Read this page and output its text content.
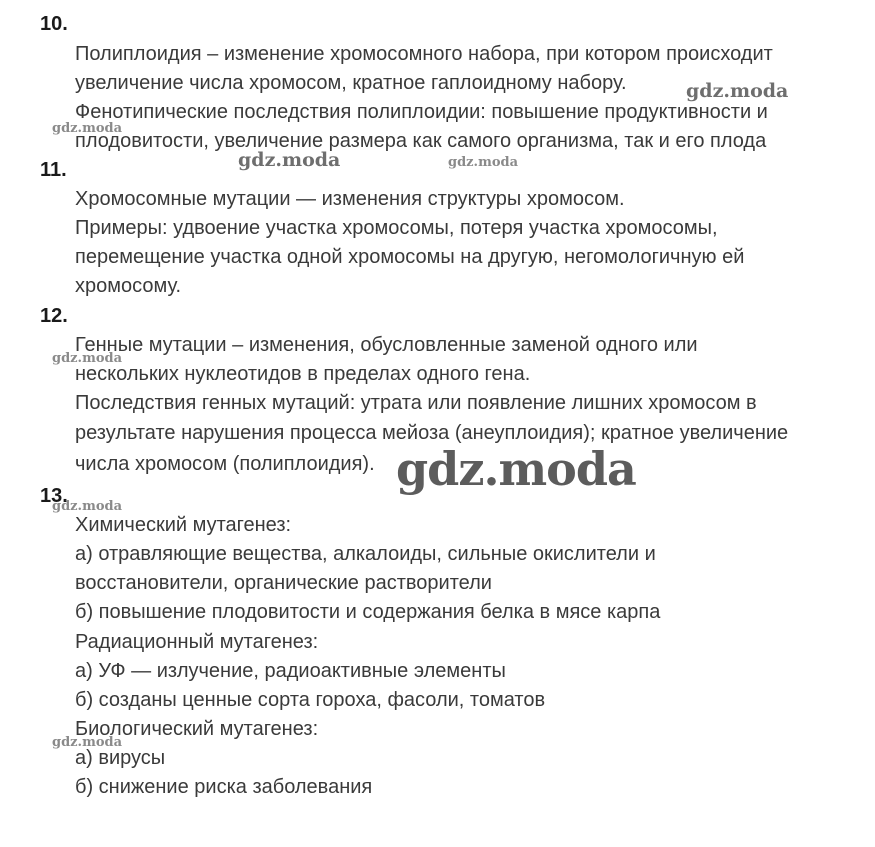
10.
Полиплоидия – изменение хромосомного набора, при котором происходит
увеличение числа хромосом, кратное гаплоидному набору.
Фенотипические последствия полиплоидии: повышение продуктивности и
плодовитости, увеличение размера как самого организма, так и его плода
11.
Хромосомные мутации — изменения структуры хромосом.
Примеры: удвоение участка хромосомы, потеря участка хромосомы,
перемещение участка одной хромосомы на другую, негомологичную ей
хромосому.
12.
Генные мутации – изменения, обусловленные заменой одного или
нескольких нуклеотидов в пределах одного гена.
Последствия генных мутаций: утрата или появление лишних хромосом в
результате нарушения процесса мейоза (анеуплоидия); кратное увеличение
числа хромосом (полиплоидия).
13.
Химический мутагенез:
а) отравляющие вещества, алкалоиды, сильные окислители и
восстановители, органические растворители
б) повышение плодовитости и содержания белка в мясе карпа
Радиационный мутагенез:
а) УФ — излучение, радиоактивные элементы
б) созданы ценные сорта гороха, фасоли, томатов
Биологический мутагенез:
а) вирусы
б) снижение риска заболевания
gdz.moda
gdz.moda
gdz.moda	gdz.moda
gdz.moda
gdz.moda
gdz.moda
gdz.moda
